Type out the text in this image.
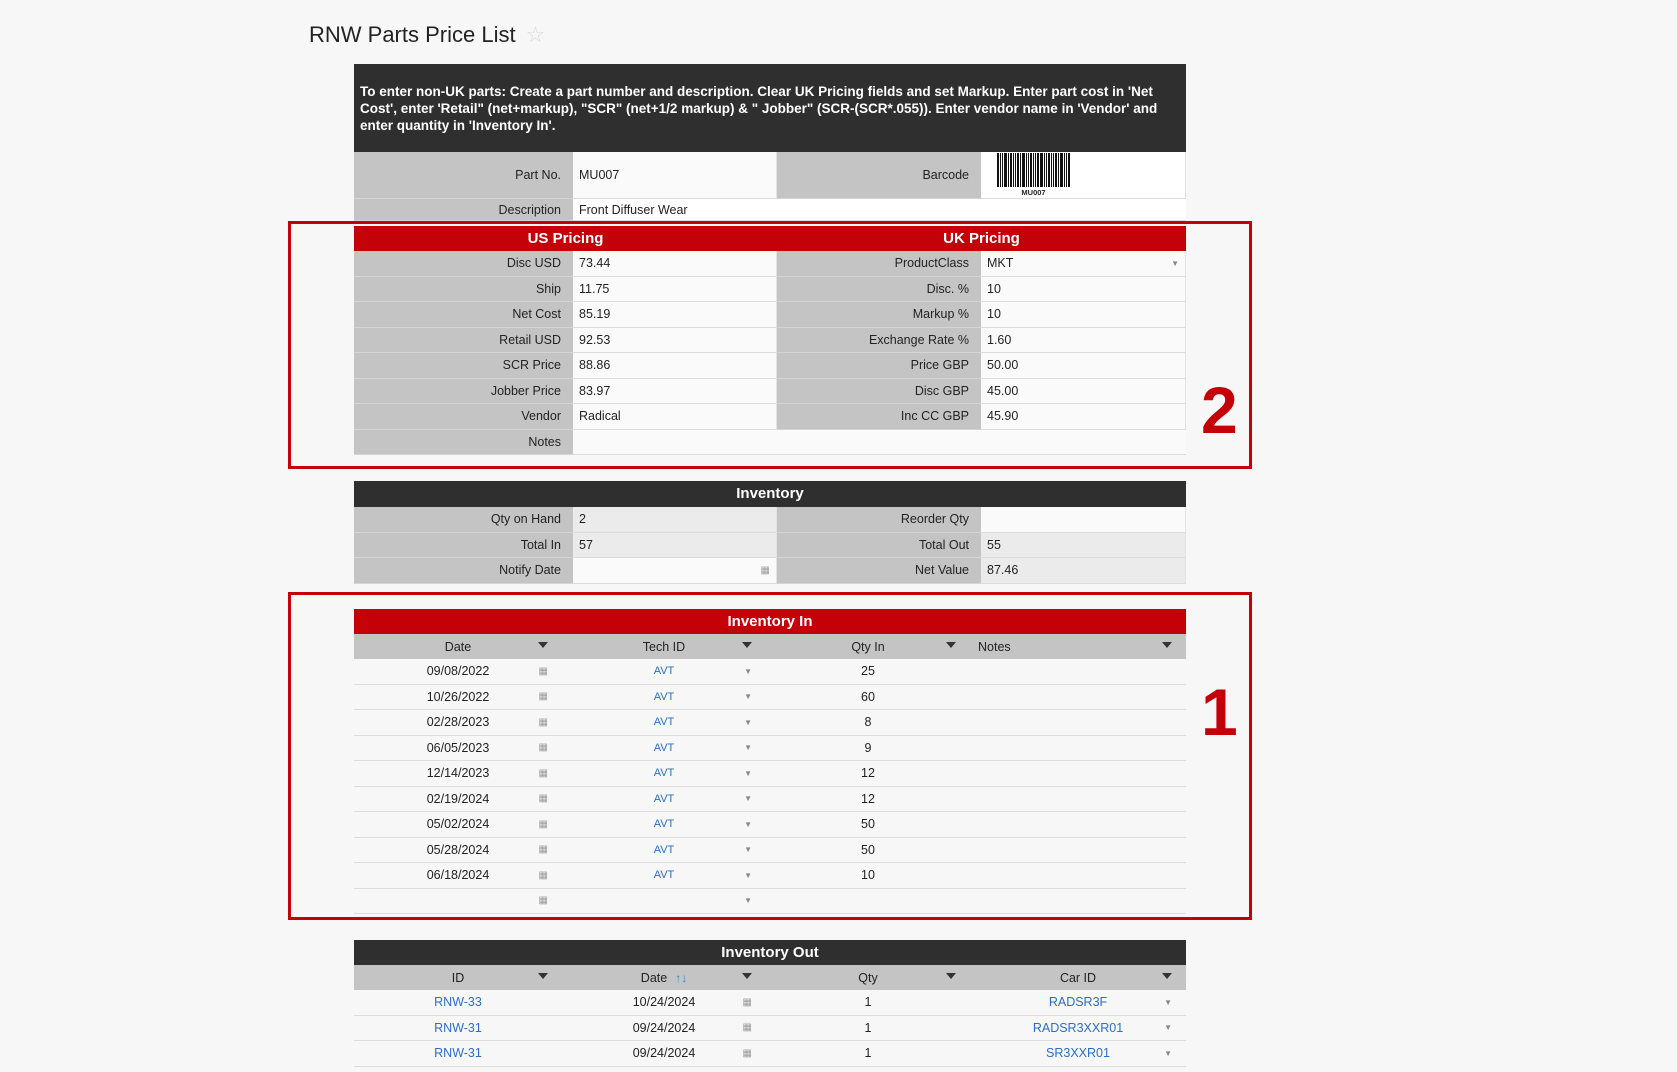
RNW Parts Price List ☆
To enter non-UK parts: Create a part number and description. Clear UK Pricing fields and set Markup. Enter part cost in 'Net Cost', enter 'Retail" (net+markup), "SCR" (net+1/2 markup) & " Jobber" (SCR-(SCR*.055)). Enter vendor name in 'Vendor' and enter quantity in 'Inventory In'.
Part No.	MU007	Barcode
MU007
Description	Front Diffuser Wear
US Pricing	UK Pricing
Disc USD	73.44	ProductClass	MKT	▼
Ship	11.75	Disc. %	10
Net Cost	85.19	Markup %	10
Retail USD	92.53	Exchange Rate %	1.60
SCR Price	88.86	Price GBP	50.00
Jobber Price	83.97	Disc GBP	45.00
Vendor	Radical	Inc CC GBP	45.90
Notes	2
Inventory
Qty on Hand	2	Reorder Qty
Total In	57	Total Out	55
Notify Date	▦	Net Value	87.46
Inventory In
Date	Tech ID	Qty In	Notes
09/08/2022	▦	AVT	▼	25
10/26/2022	▦	AVT	▼	60
02/28/2023	▦	AVT	▼	8
06/05/2023	▦	AVT	▼	9
12/14/2023	▦	AVT	▼	12
02/19/2024	▦	AVT	▼	12
05/02/2024	▦	AVT	▼	50
05/28/2024	▦	AVT	▼	50
06/18/2024	▦	AVT	▼	10
▦	▼
1
Inventory Out
ID	Date ↑↓	Qty	Car ID
RNW-33	10/24/2024	▦	1	RADSR3F	▼
RNW-31	09/24/2024	▦	1	RADSR3XXR01	▼
RNW-31	09/24/2024	▦	1	SR3XXR01	▼
